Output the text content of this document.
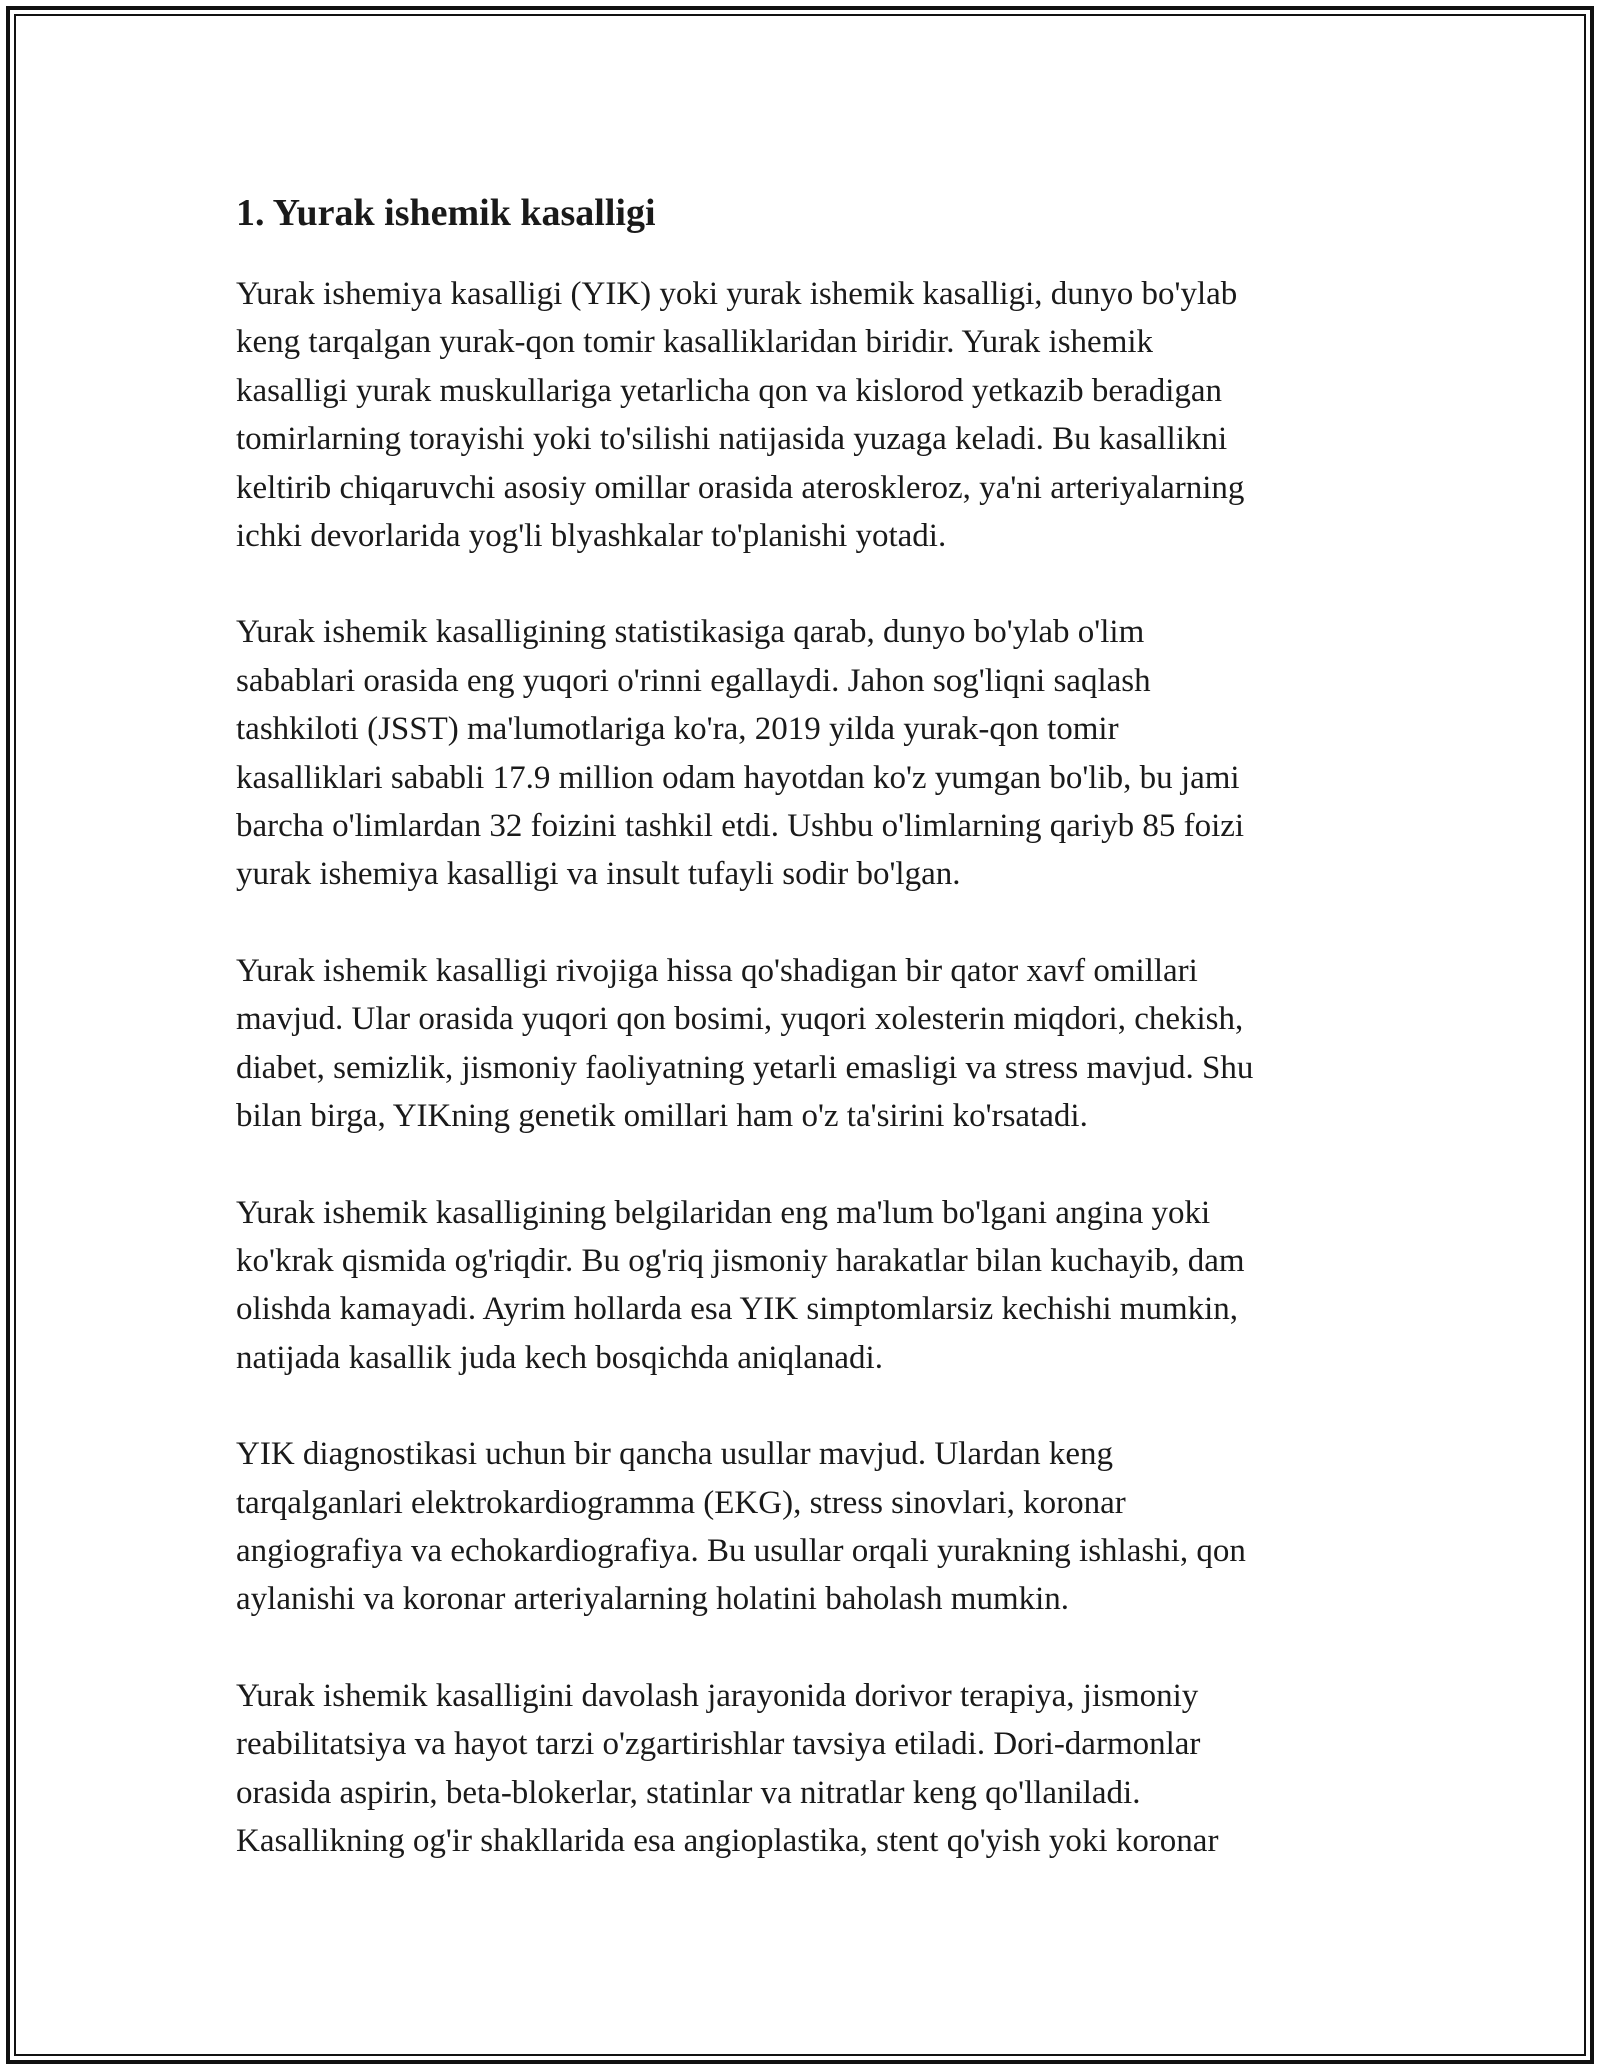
1. Yurak ishemik kasalligi
Yurak ishemiya kasalligi (YIK) yoki yurak ishemik kasalligi, dunyo bo'ylab
keng tarqalgan yurak-qon tomir kasalliklaridan biridir. Yurak ishemik
kasalligi yurak muskullariga yetarlicha qon va kislorod yetkazib beradigan
tomirlarning torayishi yoki to'silishi natijasida yuzaga keladi. Bu kasallikni
keltirib chiqaruvchi asosiy omillar orasida ateroskleroz, ya'ni arteriyalarning
ichki devorlarida yog'li blyashkalar to'planishi yotadi.
Yurak ishemik kasalligining statistikasiga qarab, dunyo bo'ylab o'lim
sabablari orasida eng yuqori o'rinni egallaydi. Jahon sog'liqni saqlash
tashkiloti (JSST) ma'lumotlariga ko'ra, 2019 yilda yurak-qon tomir
kasalliklari sababli 17.9 million odam hayotdan ko'z yumgan bo'lib, bu jami
barcha o'limlardan 32 foizini tashkil etdi. Ushbu o'limlarning qariyb 85 foizi
yurak ishemiya kasalligi va insult tufayli sodir bo'lgan.
Yurak ishemik kasalligi rivojiga hissa qo'shadigan bir qator xavf omillari
mavjud. Ular orasida yuqori qon bosimi, yuqori xolesterin miqdori, chekish,
diabet, semizlik, jismoniy faoliyatning yetarli emasligi va stress mavjud. Shu
bilan birga, YIKning genetik omillari ham o'z ta'sirini ko'rsatadi.
Yurak ishemik kasalligining belgilaridan eng ma'lum bo'lgani angina yoki
ko'krak qismida og'riqdir. Bu og'riq jismoniy harakatlar bilan kuchayib, dam
olishda kamayadi. Ayrim hollarda esa YIK simptomlarsiz kechishi mumkin,
natijada kasallik juda kech bosqichda aniqlanadi.
YIK diagnostikasi uchun bir qancha usullar mavjud. Ulardan keng
tarqalganlari elektrokardiogramma (EKG), stress sinovlari, koronar
angiografiya va echokardiografiya. Bu usullar orqali yurakning ishlashi, qon
aylanishi va koronar arteriyalarning holatini baholash mumkin.
Yurak ishemik kasalligini davolash jarayonida dorivor terapiya, jismoniy
reabilitatsiya va hayot tarzi o'zgartirishlar tavsiya etiladi. Dori-darmonlar
orasida aspirin, beta-blokerlar, statinlar va nitratlar keng qo'llaniladi.
Kasallikning og'ir shakllarida esa angioplastika, stent qo'yish yoki koronar
